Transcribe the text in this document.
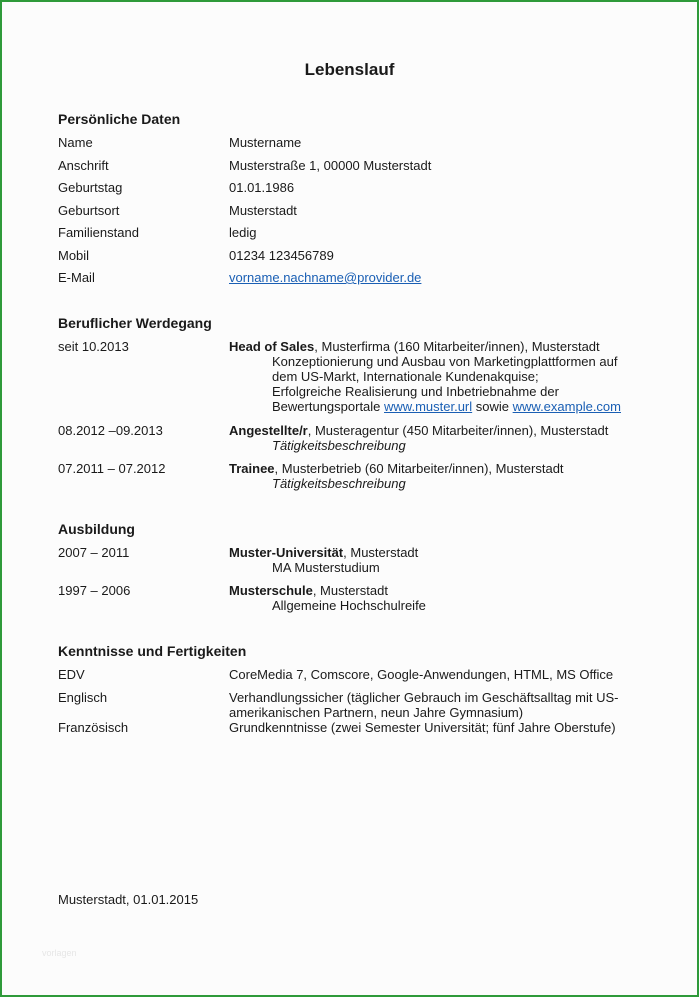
Lebenslauf
Persönliche Daten
Name	Mustername
Anschrift	Musterstraße 1, 00000 Musterstadt
Geburtstag	01.01.1986
Geburtsort	Musterstadt
Familienstand	ledig
Mobil	01234 123456789
E-Mail	vorname.nachname@provider.de
Beruflicher Werdegang
seit 10.2013	Head of Sales, Musterfirma (160 Mitarbeiter/innen), Musterstadt
Konzeptionierung und Ausbau von Marketingplattformen auf
dem US-Markt, Internationale Kundenakquise;
Erfolgreiche Realisierung und Inbetriebnahme der
Bewertungsportale www.muster.url sowie www.example.com
08.2012 –09.2013	Angestellte/r, Musteragentur (450 Mitarbeiter/innen), Musterstadt
Tätigkeitsbeschreibung
07.2011 – 07.2012	Trainee, Musterbetrieb (60 Mitarbeiter/innen), Musterstadt
Tätigkeitsbeschreibung
Ausbildung
2007 – 2011	Muster-Universität, Musterstadt
MA Musterstudium
1997 – 2006	Musterschule, Musterstadt
Allgemeine Hochschulreife
Kenntnisse und Fertigkeiten
EDV	CoreMedia 7, Comscore, Google-Anwendungen, HTML, MS Office
Englisch	Verhandlungssicher (täglicher Gebrauch im Geschäftsalltag mit US-
amerikanischen Partnern, neun Jahre Gymnasium)
Französisch	Grundkenntnisse (zwei Semester Universität; fünf Jahre Oberstufe)
Musterstadt, 01.01.2015
vorlagen
